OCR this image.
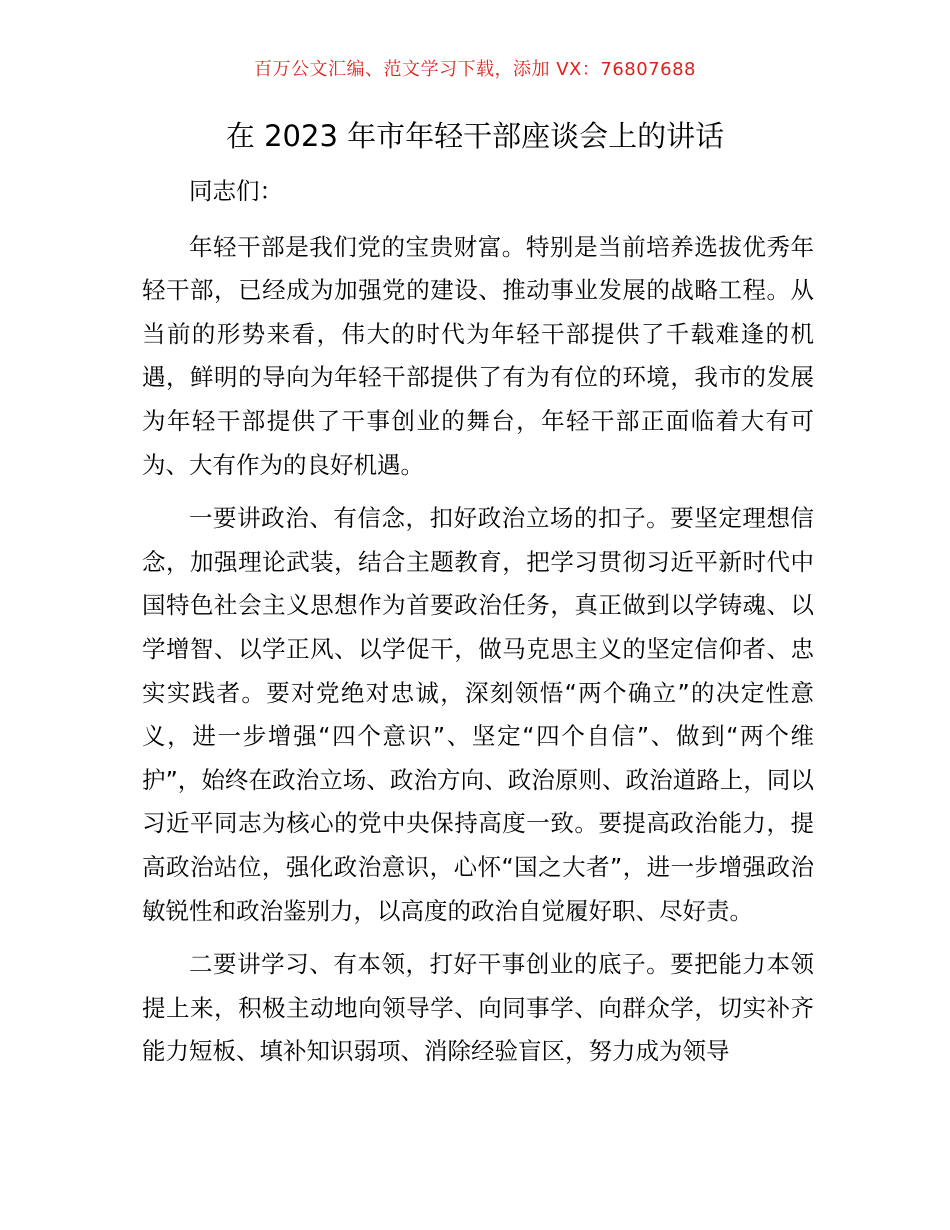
百万公文汇编、范文学习下载，添加 VX：76807688
在 2023 年市年轻干部座谈会上的讲话

同志们：

年轻干部是我们党的宝贵财富。特别是当前培养选拔优秀年轻干部，已经成为加强党的建设、推动事业发展的战略工程。从当前的形势来看，伟大的时代为年轻干部提供了千载难逢的机遇，鲜明的导向为年轻干部提供了有为有位的环境，我市的发展为年轻干部提供了干事创业的舞台，年轻干部正面临着大有可为、大有作为的良好机遇。

一要讲政治、有信念，扣好政治立场的扣子。要坚定理想信念，加强理论武装，结合主题教育，把学习贯彻习近平新时代中国特色社会主义思想作为首要政治任务，真正做到以学铸魂、以学增智、以学正风、以学促干，做马克思主义的坚定信仰者、忠实实践者。要对党绝对忠诚，深刻领悟“两个确立”的决定性意义，进一步增强“四个意识”、坚定“四个自信”、做到“两个维护”，始终在政治立场、政治方向、政治原则、政治道路上，同以习近平同志为核心的党中央保持高度一致。要提高政治能力，提高政治站位，强化政治意识，心怀“国之大者”，进一步增强政治敏锐性和政治鉴别力，以高度的政治自觉履好职、尽好责。

二要讲学习、有本领，打好干事创业的底子。要把能力本领提上来，积极主动地向领导学、向同事学、向群众学，切实补齐能力短板、填补知识弱项、消除经验盲区，努力成为领导
